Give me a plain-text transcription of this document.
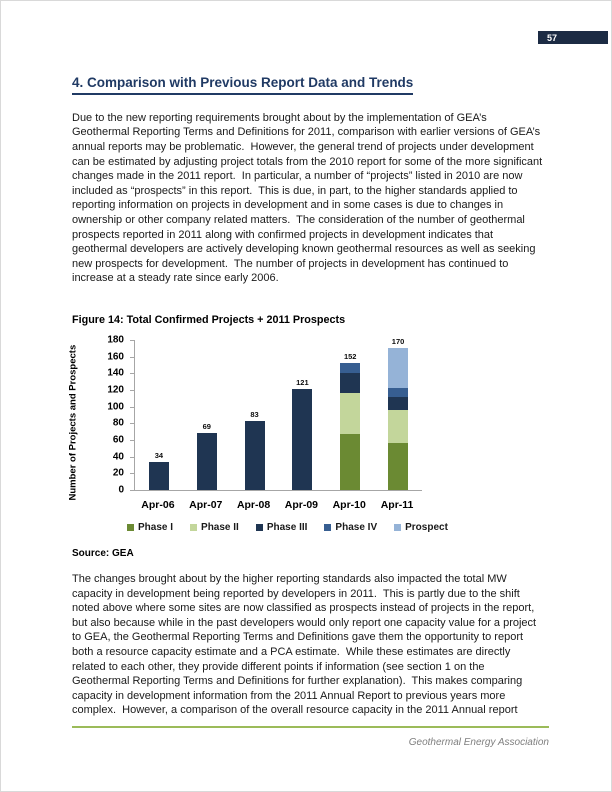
57
4. Comparison with Previous Report Data and Trends

Due to the new reporting requirements brought about by the implementation of GEA’s Geothermal Reporting Terms and Definitions for 2011, comparison with earlier versions of GEA’s annual reports may be problematic.  However, the general trend of projects under development can be estimated by adjusting project totals from the 2010 report for some of the more significant changes made in the 2011 report.  In particular, a number of “projects” listed in 2010 are now included as “prospects” in this report.  This is due, in part, to the higher standards applied to reporting information on projects in development and in some cases is due to changes in ownership or other company related matters.  The consideration of the number of geothermal prospects reported in 2011 along with confirmed projects in development indicates that geothermal developers are actively developing known geothermal resources as well as seeking new prospects for development.  The number of projects in development has continued to increase at a steady rate since early 2006.

Figure 14: Total Confirmed Projects + 2011 Prospects
Number of Projects and Prospects	0
20
40
60
80
100
120
140
160
180
34
69
83
121
152
170
Apr-06	Apr-07	Apr-08	Apr-09	Apr-10	Apr-11
Phase I	Phase II	Phase III	Phase IV	Prospect
Source: GEA

The changes brought about by the higher reporting standards also impacted the total MW capacity in development being reported by developers in 2011.  This is partly due to the shift noted above where some sites are now classified as prospects instead of projects in the report, but also because while in the past developers would only report one capacity value for a project to GEA, the Geothermal Reporting Terms and Definitions gave them the opportunity to report both a resource capacity estimate and a PCA estimate.  While these estimates are directly related to each other, they provide different points if information (see section 1 on the Geothermal Reporting Terms and Definitions for further explanation).  This makes comparing capacity in development information from the 2011 Annual Report to previous years more complex.  However, a comparison of the overall resource capacity in the 2011 Annual report

Geothermal Energy Association
